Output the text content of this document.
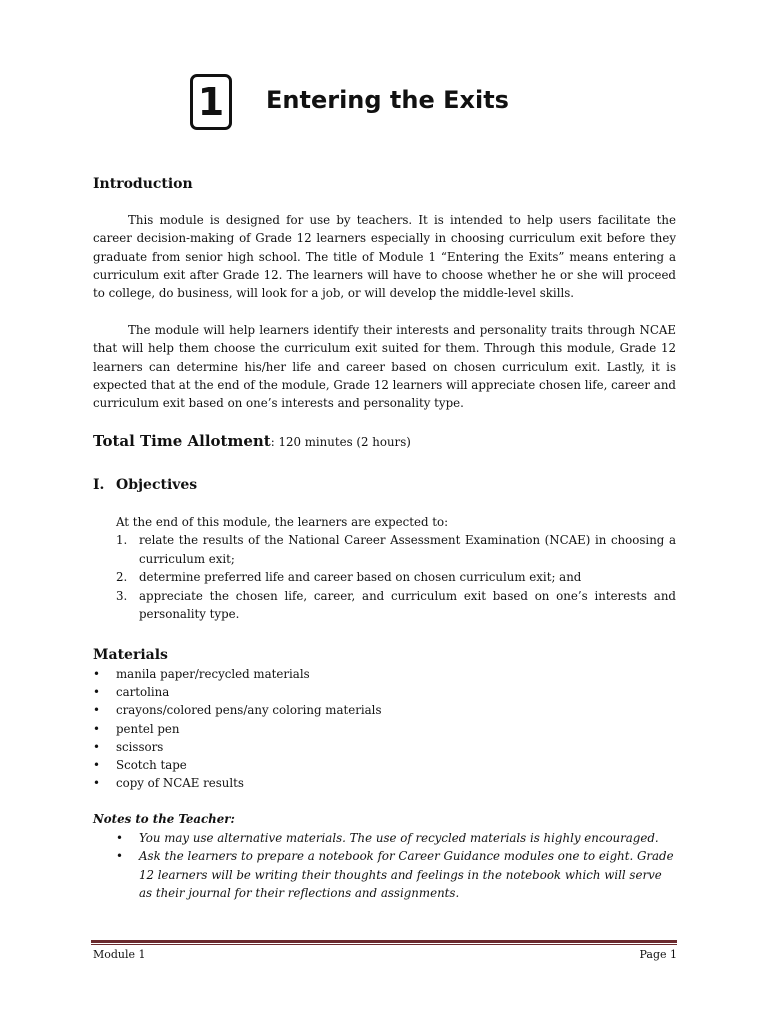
1	Entering the Exits
Introduction

This module is designed for use by teachers. It is intended to help users facilitate the career decision-making of Grade 12 learners especially in choosing curriculum exit before they graduate from senior high school. The title of Module 1 “Entering the Exits” means entering a curriculum exit after Grade 12. The learners will have to choose whether he or she will proceed to college, do business, will look for a job, or will develop the middle-level skills.

The module will help learners identify their interests and personality traits through NCAE that will help them choose the curriculum exit suited for them. Through this module, Grade 12 learners can determine his/her life and career based on chosen curriculum exit. Lastly, it is expected that at the end of the module, Grade 12 learners will appreciate chosen life, career and curriculum exit based on one’s interests and personality type.

Total Time Allotment: 120 minutes (2 hours)
I. Objectives
At the end of this module, the learners are expected to:
1. relate the results of the National Career Assessment Examination (NCAE) in choosing a curriculum exit;
2. determine preferred life and career based on chosen curriculum exit; and
3. appreciate the chosen life, career, and curriculum exit based on one’s interests and personality type.
Materials
• manila paper/recycled materials
• cartolina
• crayons/colored pens/any coloring materials
• pentel pen
• scissors
• Scotch tape
• copy of NCAE results
Notes to the Teacher:
• You may use alternative materials. The use of recycled materials is highly encouraged.
• Ask the learners to prepare a notebook for Career Guidance modules one to eight. Grade 12 learners will be writing their thoughts and feelings in the notebook which will serve as their journal for their reflections and assignments.
Module 1	Page 1
